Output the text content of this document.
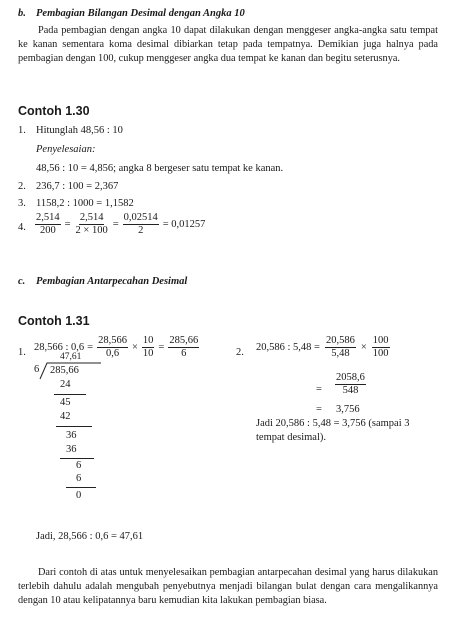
b. Pembagian Bilangan Desimal dengan Angka 10
Pada pembagian dengan angka 10 dapat dilakukan dengan menggeser angka-angka satu tempat ke kanan sementara koma desimal dibiarkan tetap pada tempatnya. Demikian juga halnya pada pembagian dengan 100, cukup menggeser angka dua tempat ke kanan dan begitu seterusnya.
Contoh 1.30
1. Hitunglah 48,56 : 10
Penyelesaian:
48,56 : 10 = 4,856; angka 8 bergeser satu tempat ke kanan.
2. 236,7 : 100 = 2,367
3. 1158,2 : 1000 = 1,1582
4. $\frac{2,514}{200} = \frac{2,514}{2 \times 100} = \frac{0,02514}{2} = 0,01257$
c. Pembagian Antarpecahan Desimal
Contoh 1.31
1. 28,566 : $0,6 = \frac{28,566}{0,6} \times \frac{10}{10} = \frac{285,66}{6}$
47,61
6 285,66
24
45
42
36
36
6
6
0
Jadi, 28,566 : 0,6 = 47,61
2. 20,586 : $5,48 = \frac{20,586}{5,48} \times \frac{100}{100}$
= $\frac{2058,6}{548}$
= 3,756
Jadi 20,586 : 5,48 = 3,756 (sampai 3
tempat desimal).
Dari contoh di atas untuk menyelesaikan pembagian antarpecahan desimal yang harus dilakukan terlebih dahulu adalah mengubah penyebutnya menjadi bilangan bulat dengan cara mengalikannya dengan 10 atau kelipatannya baru kemudian kita lakukan pembagian biasa.
